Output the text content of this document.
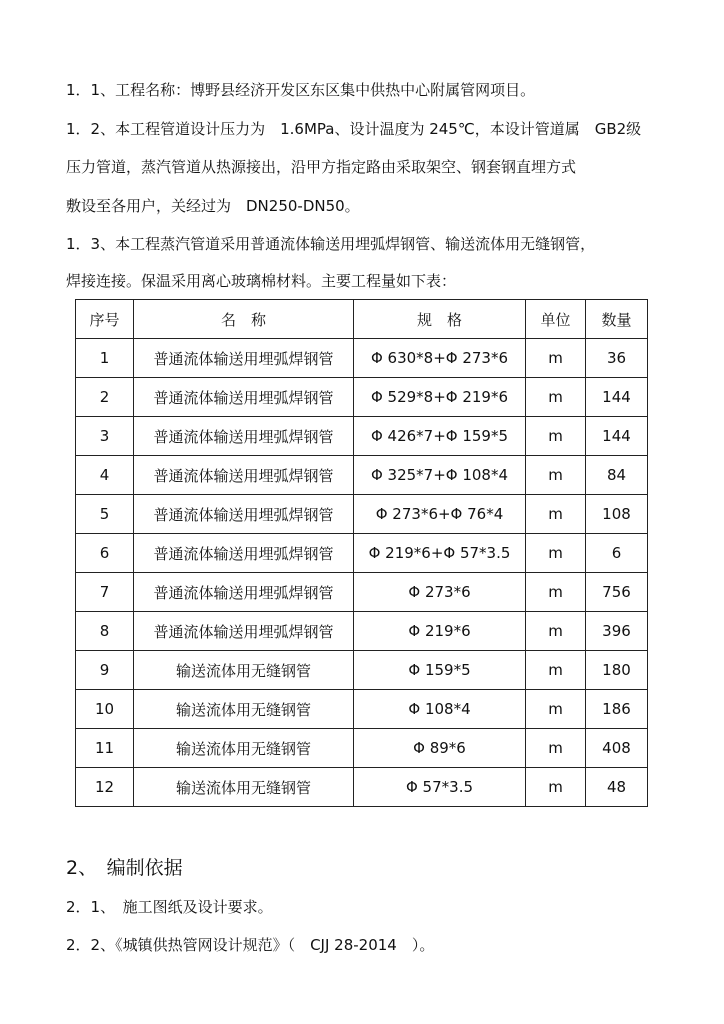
1．1、工程名称：博野县经济开发区东区集中供热中心附属管网项目。
1．2、本工程管道设计压力为　1.6MPa、设计温度为 245℃，本设计管道属　GB2级
压力管道，蒸汽管道从热源接出，沿甲方指定路由采取架空、钢套钢直埋方式
敷设至各用户，关经过为　DN250-DN50。
1．3、本工程蒸汽管道采用普通流体输送用埋弧焊钢管、输送流体用无缝钢管，
焊接连接。保温采用离心玻璃棉材料。主要工程量如下表：
序号	名　称	规　格	单位	数量
1	普通流体输送用埋弧焊钢管	Φ 630*8+Φ 273*6	m	36
2	普通流体输送用埋弧焊钢管	Φ 529*8+Φ 219*6	m	144
3	普通流体输送用埋弧焊钢管	Φ 426*7+Φ 159*5	m	144
4	普通流体输送用埋弧焊钢管	Φ 325*7+Φ 108*4	m	84
5	普通流体输送用埋弧焊钢管	Φ 273*6+Φ 76*4	m	108
6	普通流体输送用埋弧焊钢管	Φ 219*6+Φ 57*3.5	m	6
7	普通流体输送用埋弧焊钢管	Φ 273*6	m	756
8	普通流体输送用埋弧焊钢管	Φ 219*6	m	396
9	输送流体用无缝钢管	Φ 159*5	m	180
10	输送流体用无缝钢管	Φ 108*4	m	186
11	输送流体用无缝钢管	Φ 89*6	m	408
12	输送流体用无缝钢管	Φ 57*3.5	m	48
2、　编制依据
2．1、　施工图纸及设计要求。
2．2、《城镇供热管网设计规范》（　CJJ 28-2014　）。
